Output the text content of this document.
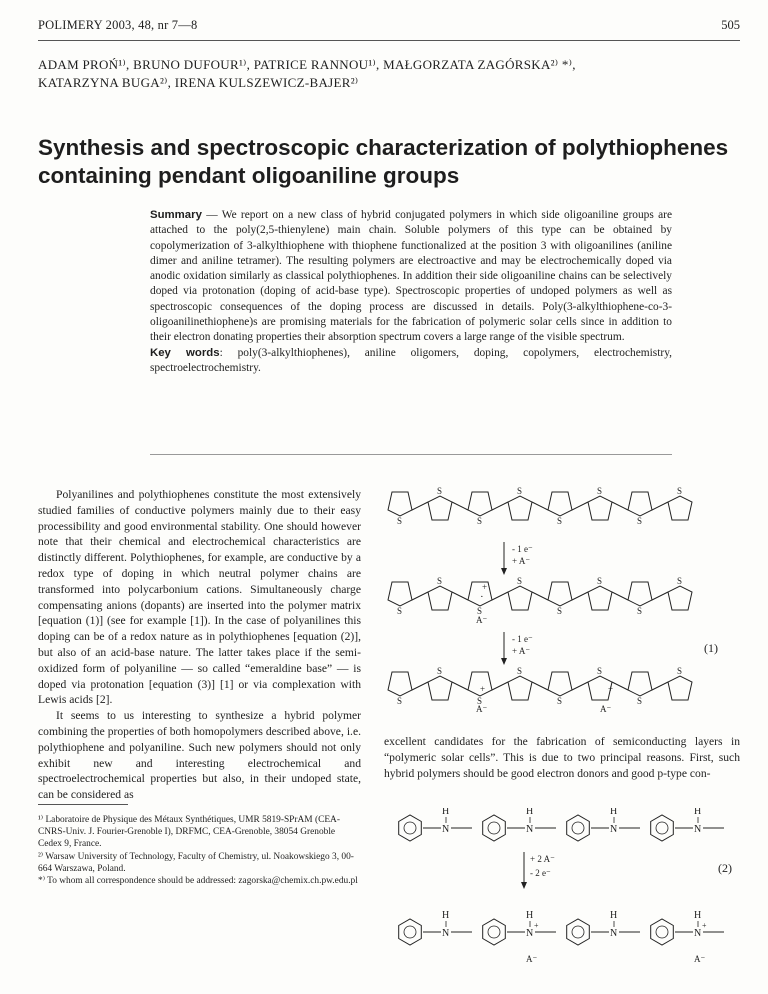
POLIMERY 2003, 48, nr 7—8	505
ADAM PROŃ¹⁾, BRUNO DUFOUR¹⁾, PATRICE RANNOU¹⁾, MAŁGORZATA ZAGÓRSKA²⁾ *⁾,
KATARZYNA BUGA²⁾, IRENA KULSZEWICZ-BAJER²⁾
Synthesis and spectroscopic characterization of polythiophenes
containing pendant oligoaniline groups
Summary — We report on a new class of hybrid conjugated polymers in which side oligoaniline groups are attached to the poly(2,5-thienylene) main chain. Soluble polymers of this type can be obtained by copolymerization of 3-alkylthiophene with thiophene functionalized at the position 3 with oligoanilines (aniline dimer and aniline tetramer). The resulting polymers are electroactive and may be electrochemically doped via anodic oxidation similarly as classical polythiophenes. In addition their side oligoaniline chains can be selectively doped via protonation (doping of acid-base type). Spectroscopic properties of undoped polymers as well as spectroscopic consequences of the doping process are discussed in details. Poly(3-alkylthiophene-co-3-oligoanilinethiophene)s are promising materials for the fabrication of polymeric solar cells since in addition to their electron donating properties their absorption spectrum covers a large range of the visible spectrum.
Key words: poly(3-alkylthiophenes), aniline oligomers, doping, copolymers, electrochemistry, spectroelectrochemistry.

Polyanilines and polythiophenes constitute the most extensively studied families of conductive polymers mainly due to their easy processibility and good environmental stability. One should however note that their chemical and electrochemical characteristics are distinctly different. Polythiophenes, for example, are conductive by a redox type of doping in which neutral polymer chains are transformed into polycarbonium cations. Simultaneously charge compensating anions (dopants) are inserted into the polymer matrix [equation (1)] (see for example [1]). In the case of polyanilines this doping can be of a redox nature as in polythiophenes [equation (2)], but also of an acid-base nature. The latter takes place if the semi-oxidized form of polyaniline — so called “emeraldine base” — is doped via protonation [equation (3)] [1] or via complexation with Lewis acids [2].

It seems to us interesting to synthesize a hybrid polymer combining the properties of both homopolymers described above, i.e. polythiophene and polyaniline. Such new polymers should not only exhibit new and interesting electrochemical and spectroelectrochemical properties but also, in their undoped state, can be considered as

¹⁾ Laboratoire de Physique des Métaux Synthétiques, UMR 5819-SPrAM (CEA-CNRS-Univ. J. Fourier-Grenoble I), DRFMC, CEA-Grenoble, 38054 Grenoble Cedex 9, France.

²⁾ Warsaw University of Technology, Faculty of Chemistry, ul. Noakowskiego 3, 00-664 Warszawa, Poland.

*⁾ To whom all correspondence should be addressed: zagorska@chemix.ch.pw.edu.pl

excellent candidates for the fabrication of semiconducting layers in “polymeric solar cells”. This is due to two principal reasons. First, such hybrid polymers should be good electron donors and good p-type con-

S
S
S
S
S
S
S
S
S
S
S
S
S
S
S
S
S
S
S
S
S
S
S
S
- 1 e⁻
+ A⁻
- 1 e⁻
+ A⁻	(1)
A⁻
A⁻	A⁻
·
+
+	+
N
H
N
H
N
H
N
H
N
H
N
H
A⁻
+
N
H
N
H
A⁻
+
+ 2 A⁻
- 2 e⁻	(2)
